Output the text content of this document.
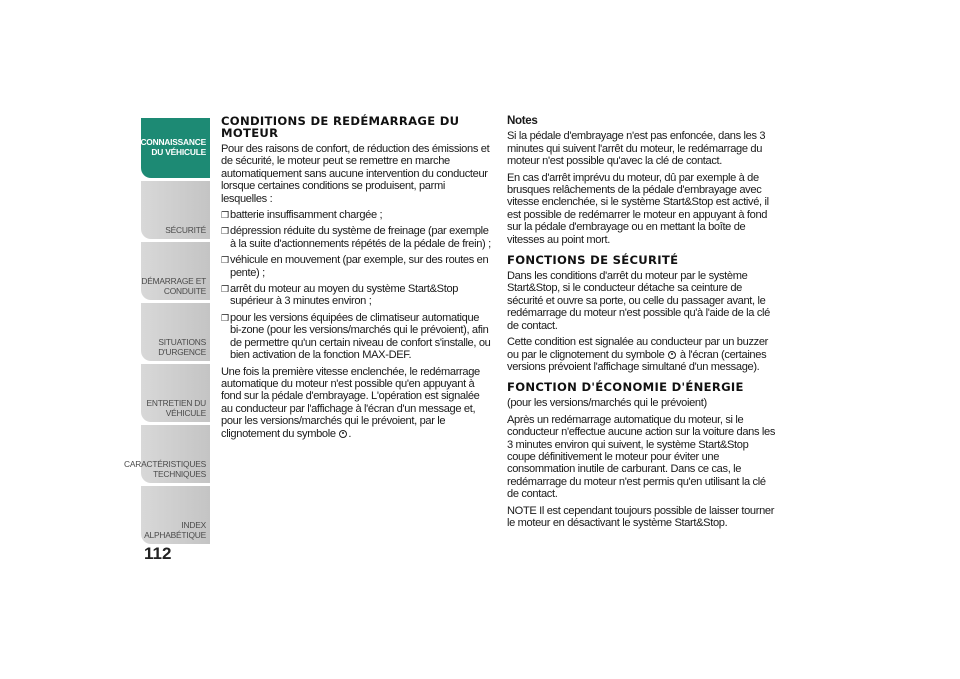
CONNAISSANCE
DU VÉHICULE
SÉCURITÉ
DÉMARRAGE ET
CONDUITE
SITUATIONS
D'URGENCE
ENTRETIEN DU
VÉHICULE
CARACTÉRISTIQUES
TECHNIQUES
INDEX
ALPHABÉTIQUE
112
CONDITIONS DE REDÉMARRAGE DU MOTEUR

Pour des raisons de confort, de réduction des émissions et de sécurité, le moteur peut se remettre en marche automatiquement sans aucune intervention du conducteur lorsque certaines conditions se produisent, parmi lesquelles :

❒ batterie insuffisamment chargée ;
❒ dépression réduite du système de freinage (par exemple à la suite d'actionnements répétés de la pédale de frein) ;
❒ véhicule en mouvement (par exemple, sur des routes en pente) ;
❒ arrêt du moteur au moyen du système Start&Stop supérieur à 3 minutes environ ;
❒ pour les versions équipées de climatiseur automatique bi-zone (pour les versions/marchés qui le prévoient), afin de permettre qu'un certain niveau de confort s'installe, ou bien activation de la fonction MAX-DEF.

Une fois la première vitesse enclenchée, le redémarrage automatique du moteur n'est possible qu'en appuyant à fond sur la pédale d'embrayage. L'opération est signalée au conducteur par l'affichage à l'écran d'un message et, pour les versions/marchés qui le prévoient, par le clignotement du symbole .

Notes

Si la pédale d'embrayage n'est pas enfoncée, dans les 3 minutes qui suivent l'arrêt du moteur, le redémarrage du moteur n'est possible qu'avec la clé de contact.

En cas d'arrêt imprévu du moteur, dû par exemple à de brusques relâchements de la pédale d'embrayage avec vitesse enclenchée, si le système Start&Stop est activé, il est possible de redémarrer le moteur en appuyant à fond sur la pédale d'embrayage ou en mettant la boîte de vitesses au point mort.

FONCTIONS DE SÉCURITÉ

Dans les conditions d'arrêt du moteur par le système Start&Stop, si le conducteur détache sa ceinture de sécurité et ouvre sa porte, ou celle du passager avant, le redémarrage du moteur n'est possible qu'à l'aide de la clé de contact.

Cette condition est signalée au conducteur par un buzzer ou par le clignotement du symbole à l'écran (certaines versions prévoient l'affichage simultané d'un message).

FONCTION D'ÉCONOMIE D'ÉNERGIE

(pour les versions/marchés qui le prévoient)

Après un redémarrage automatique du moteur, si le conducteur n'effectue aucune action sur la voiture dans les 3 minutes environ qui suivent, le système Start&Stop coupe définitivement le moteur pour éviter une consommation inutile de carburant. Dans ce cas, le redémarrage du moteur n'est permis qu'en utilisant la clé de contact.

NOTE Il est cependant toujours possible de laisser tourner le moteur en désactivant le système Start&Stop.
